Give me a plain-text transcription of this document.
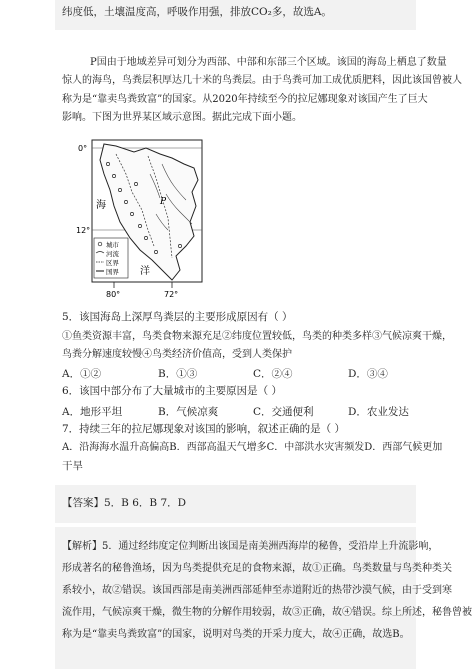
纬度低，土壤温度高，呼吸作用强，排放CO₂多，故选A。
P国由于地域差异可划分为西部、中部和东部三个区域。该国的海岛上栖息了数量
惊人的海鸟，鸟粪层积厚达几十米的鸟粪层。由于鸟粪可加工成优质肥料，因此该国曾被人
称为是“靠卖鸟粪致富”的国家。从2020年持续至今的拉尼娜现象对该国产生了巨大
影响。下图为世界某区域示意图。据此完成下面小题。
0°
12°
80°	72°
海
洋
P
城市
河流
区界
国界
5．该国海岛上深厚鸟粪层的主要形成原因有（ ）
①鱼类资源丰富，鸟类食物来源充足②纬度位置较低，鸟类的种类多样③气候凉爽干燥，
鸟粪分解速度较慢④鸟类经济价值高，受到人类保护
A．①②	B．①③	C．②④	D．③④
6．该国中部分布了大量城市的主要原因是（ ）
A．地形平坦	B．气候凉爽	C．交通便利	D．农业发达
7．持续三年的拉尼娜现象对该国的影响，叙述正确的是（ ）
A．沿海海水温升高偏高B．西部高温天气增多C．中部洪水灾害频发D．西部气候更加
干旱
【答案】5．B 6．B 7．D
【解析】5．通过经纬度定位判断出该国是南美洲西海岸的秘鲁，受沿岸上升流影响，
形成著名的秘鲁渔场，因为鸟类提供充足的食物来源，故①正确。鸟类数量与鸟类种类关
系较小，故②错误。该国西部是南美洲西部延伸至赤道附近的热带沙漠气候，由于受到寒
流作用，气候凉爽干燥，微生物的分解作用较弱，故③正确，故④错误。综上所述，秘鲁曾被
称为是“靠卖鸟粪致富”的国家，说明对鸟类的开采力度大，故④正确，故选B。
